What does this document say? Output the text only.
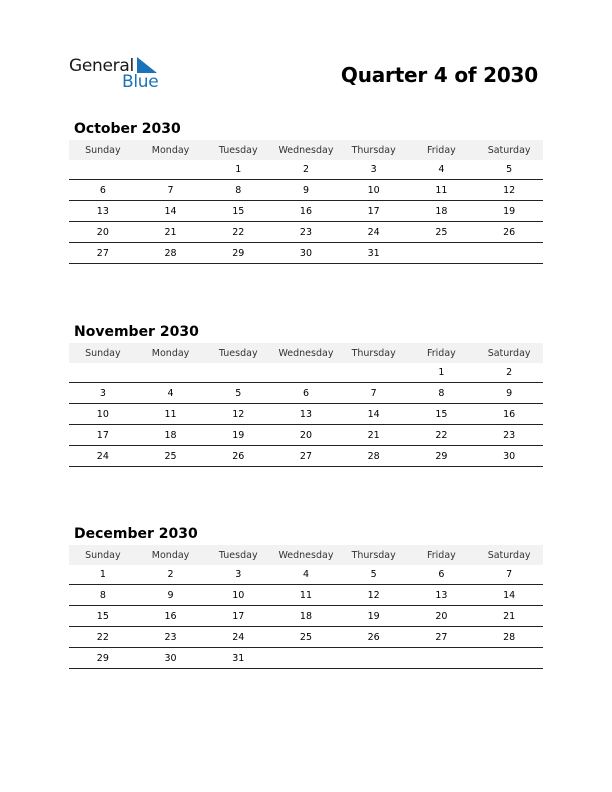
General
Blue	Quarter 4 of 2030
October 2030
Sunday	Monday	Tuesday	Wednesday	Thursday	Friday	Saturday
		1	2	3	4	5
6	7	8	9	10	11	12
13	14	15	16	17	18	19
20	21	22	23	24	25	26
27	28	29	30	31		
November 2030
Sunday	Monday	Tuesday	Wednesday	Thursday	Friday	Saturday
					1	2
3	4	5	6	7	8	9
10	11	12	13	14	15	16
17	18	19	20	21	22	23
24	25	26	27	28	29	30
December 2030
Sunday	Monday	Tuesday	Wednesday	Thursday	Friday	Saturday
1	2	3	4	5	6	7
8	9	10	11	12	13	14
15	16	17	18	19	20	21
22	23	24	25	26	27	28
29	30	31				
